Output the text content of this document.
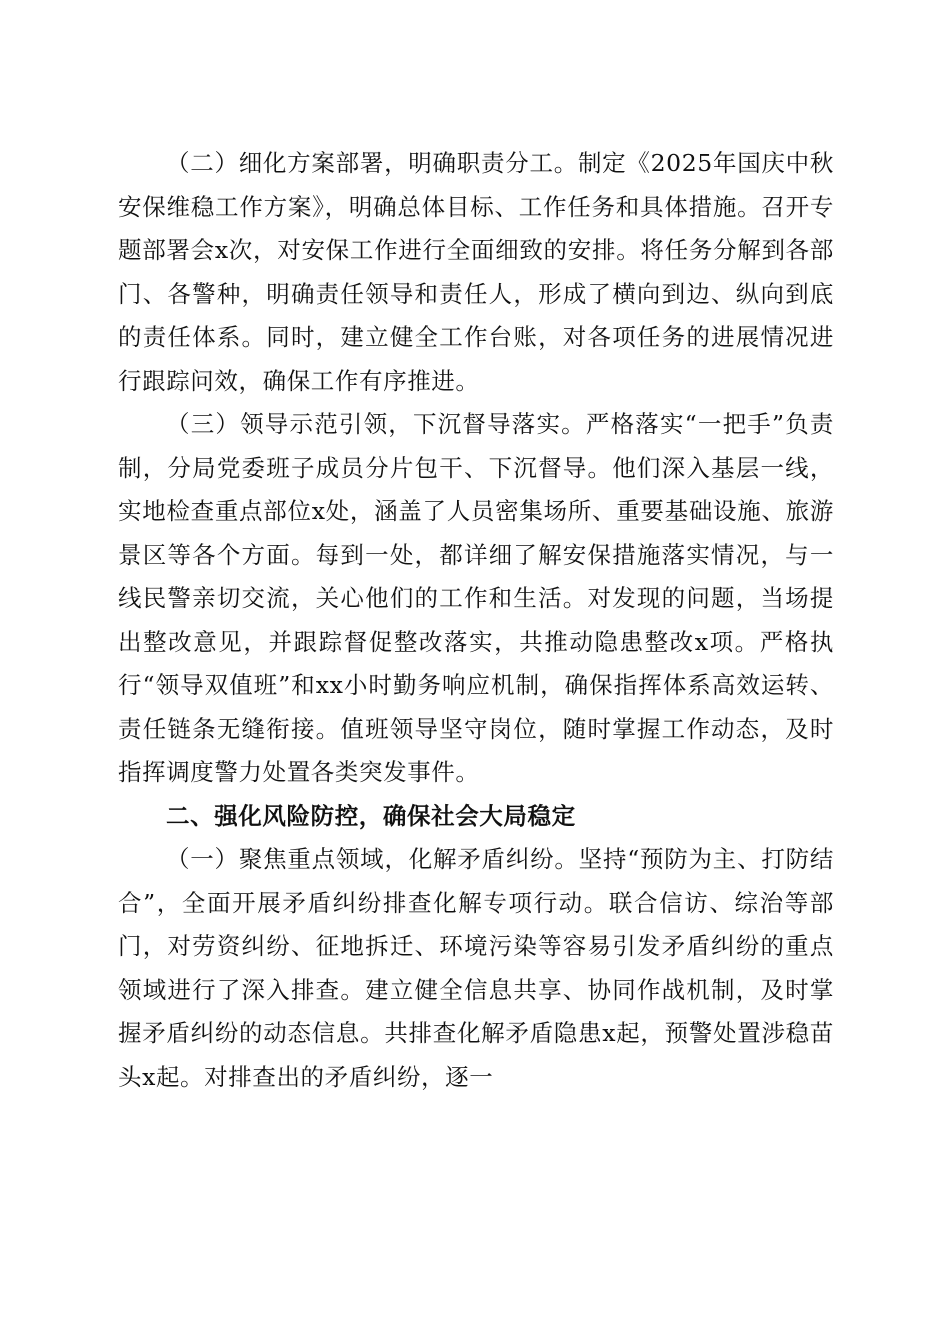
（二）细化方案部署，明确职责分工。制定《2025年国庆中秋安保维稳工作方案》，明确总体目标、工作任务和具体措施。召开专题部署会x次，对安保工作进行全面细致的安排。将任务分解到各部门、各警种，明确责任领导和责任人，形成了横向到边、纵向到底的责任体系。同时，建立健全工作台账，对各项任务的进展情况进行跟踪问效，确保工作有序推进。

（三）领导示范引领，下沉督导落实。严格落实“一把手”负责制，分局党委班子成员分片包干、下沉督导。他们深入基层一线，实地检查重点部位x处，涵盖了人员密集场所、重要基础设施、旅游景区等各个方面。每到一处，都详细了解安保措施落实情况，与一线民警亲切交流，关心他们的工作和生活。对发现的问题，当场提出整改意见，并跟踪督促整改落实，共推动隐患整改x项。严格执行“领导双值班”和xx小时勤务响应机制，确保指挥体系高效运转、责任链条无缝衔接。值班领导坚守岗位，随时掌握工作动态，及时指挥调度警力处置各类突发事件。

二、强化风险防控，确保社会大局稳定

（一）聚焦重点领域，化解矛盾纠纷。坚持“预防为主、打防结合”，全面开展矛盾纠纷排查化解专项行动。联合信访、综治等部门，对劳资纠纷、征地拆迁、环境污染等容易引发矛盾纠纷的重点领域进行了深入排查。建立健全信息共享、协同作战机制，及时掌握矛盾纠纷的动态信息。共排查化解矛盾隐患x起，预警处置涉稳苗头x起。对排查出的矛盾纠纷，逐一
